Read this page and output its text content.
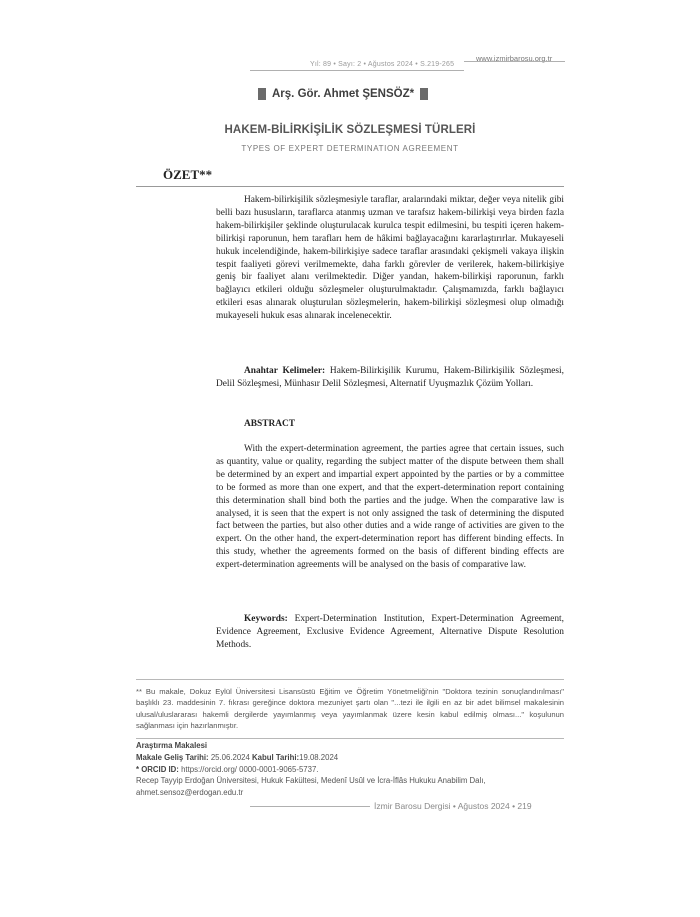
Yıl: 89 • Sayı: 2 • Ağustos 2024 • S.219-265
www.izmirbarosu.org.tr
Arş. Gör. Ahmet ŞENSÖZ*
HAKEM-BİLİRKİŞİLİK SÖZLEŞMESİ TÜRLERİ
TYPES OF EXPERT DETERMINATION AGREEMENT
ÖZET**

Hakem-bilirkişilik sözleşmesiyle taraflar, aralarındaki miktar, değer veya nitelik gibi belli bazı hususların, taraflarca atanmış uzman ve tarafsız hakem-bilirkişi veya birden fazla hakem-bilirkişiler şeklinde oluşturulacak kurulca tespit edilmesini, bu tespiti içeren hakem-bilirkişi raporunun, hem tarafları hem de hâkimi bağlayacağını kararlaştırırlar. Mukayeseli hukuk incelendiğinde, hakem-bilirkişiye sadece taraflar arasındaki çekişmeli vakaya ilişkin tespit faaliyeti görevi verilmemekte, daha farklı görevler de verilerek, hakem-bilirkişiye geniş bir faaliyet alanı verilmektedir. Diğer yandan, hakem-bilirkişi raporunun, farklı bağlayıcı etkileri olduğu sözleşmeler oluşturulmaktadır. Çalışmamızda, farklı bağlayıcı etkileri esas alınarak oluşturulan sözleşmelerin, hakem-bilirkişi sözleşmesi olup olmadığı mukayeseli hukuk esas alınarak incelenecektir.

Anahtar Kelimeler: Hakem-Bilirkişilik Kurumu, Hakem-Bilirkişilik Sözleşmesi, Delil Sözleşmesi, Münhasır Delil Sözleşmesi, Alternatif Uyuşmazlık Çözüm Yolları.

ABSTRACT

With the expert-determination agreement, the parties agree that certain issues, such as quantity, value or quality, regarding the subject matter of the dispute between them shall be determined by an expert and impartial expert appointed by the parties or by a committee to be formed as more than one expert, and that the expert-determination report containing this determination shall bind both the parties and the judge. When the comparative law is analysed, it is seen that the expert is not only assigned the task of determining the disputed fact between the parties, but also other duties and a wide range of activities are given to the expert. On the other hand, the expert-determination report has different binding effects. In this study, whether the agreements formed on the basis of different binding effects are expert-determination agreements will be analysed on the basis of comparative law.

Keywords: Expert-Determination Institution, Expert-Determination Agreement, Evidence Agreement, Exclusive Evidence Agreement, Alternative Dispute Resolution Methods.

** Bu makale, Dokuz Eylül Üniversitesi Lisansüstü Eğitim ve Öğretim Yönetmeliği'nin "Doktora tezinin sonuçlandırılması" başlıklı 23. maddesinin 7. fıkrası gereğince doktora mezuniyet şartı olan "...tezi ile ilgili en az bir adet bilimsel makalesinin ulusal/uluslararası hakemli dergilerde yayımlanmış veya yayımlanmak üzere kesin kabul edilmiş olması..." koşulunun sağlanması için hazırlanmıştır.
Araştırma Makalesi
Makale Geliş Tarihi: 25.06.2024 Kabul Tarihi:19.08.2024
* ORCID ID: https://orcid.org/ 0000-0001-9065-5737.
Recep Tayyip Erdoğan Üniversitesi, Hukuk Fakültesi, Medenî Usûl ve İcra-İflâs Hukuku Anabilim Dalı,
ahmet.sensoz@erdogan.edu.tr
İzmir Barosu Dergisi • Ağustos 2024 • 219
